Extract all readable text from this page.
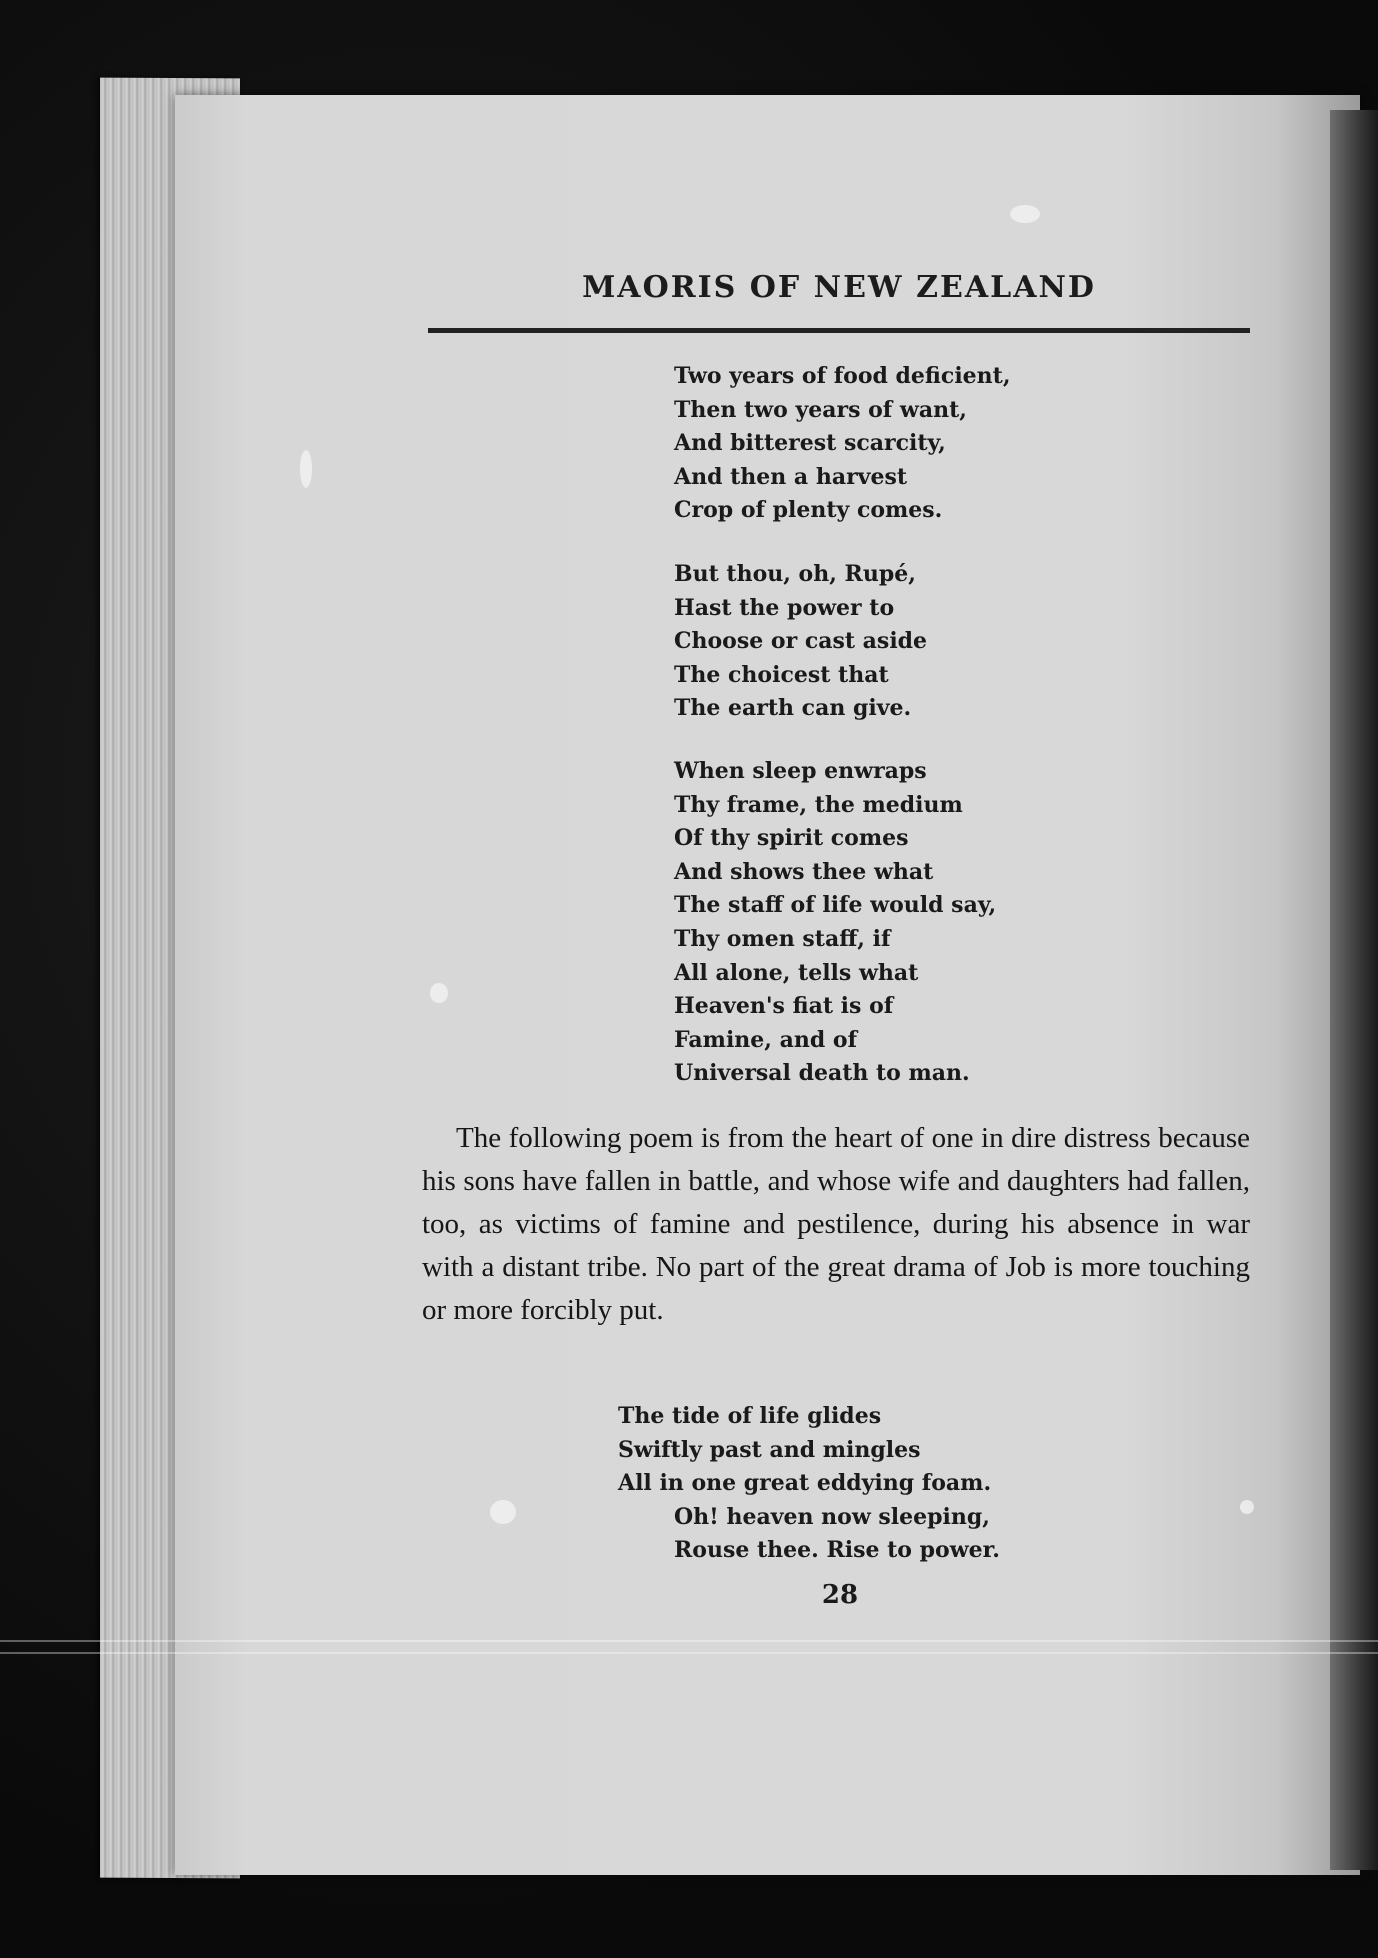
MAORIS OF NEW ZEALAND
Two years of food deficient,
Then two years of want,
And bitterest scarcity,
And then a harvest
Crop of plenty comes.
But thou, oh, Rupé,
Hast the power to
Choose or cast aside
The choicest that
The earth can give.
When sleep enwraps
Thy frame, the medium
Of thy spirit comes
And shows thee what
The staff of life would say,
Thy omen staff, if
All alone, tells what
Heaven's fiat is of
Famine, and of
Universal death to man.

The following poem is from the heart of one in dire distress because his sons have fallen in battle, and whose wife and daughters had fallen, too, as victims of famine and pestilence, during his absence in war with a distant tribe. No part of the great drama of Job is more touching or more forcibly put.

The tide of life glides
Swiftly past and mingles
All in one great eddying foam.
Oh! heaven now sleeping,
Rouse thee. Rise to power.
28
